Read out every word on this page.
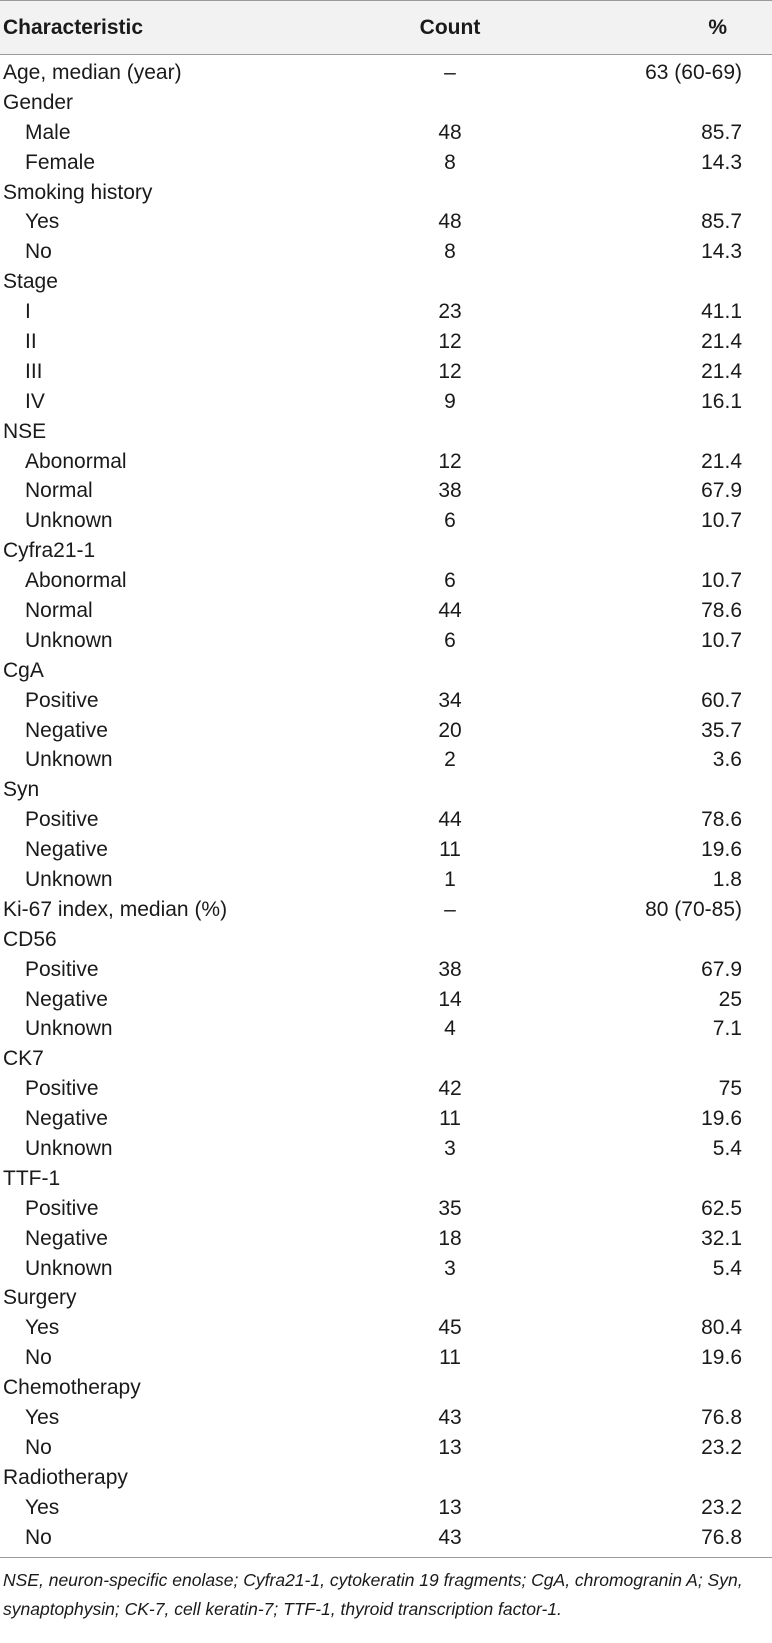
Characteristic	Count	%
Age, median (year)	–	63 (60-69)
Gender
Male	48	85.7
Female	8	14.3
Smoking history
Yes	48	85.7
No	8	14.3
Stage
I	23	41.1
II	12	21.4
III	12	21.4
IV	9	16.1
NSE
Abonormal	12	21.4
Normal	38	67.9
Unknown	6	10.7
Cyfra21-1
Abonormal	6	10.7
Normal	44	78.6
Unknown	6	10.7
CgA
Positive	34	60.7
Negative	20	35.7
Unknown	2	3.6
Syn
Positive	44	78.6
Negative	11	19.6
Unknown	1	1.8
Ki-67 index, median (%)	–	80 (70-85)
CD56
Positive	38	67.9
Negative	14	25
Unknown	4	7.1
CK7
Positive	42	75
Negative	11	19.6
Unknown	3	5.4
TTF-1
Positive	35	62.5
Negative	18	32.1
Unknown	3	5.4
Surgery
Yes	45	80.4
No	11	19.6
Chemotherapy
Yes	43	76.8
No	13	23.2
Radiotherapy
Yes	13	23.2
No	43	76.8
NSE, neuron-specific enolase; Cyfra21-1, cytokeratin 19 fragments; CgA, chromogranin A; Syn, synaptophysin; CK-7, cell keratin-7; TTF-1, thyroid transcription factor-1.
